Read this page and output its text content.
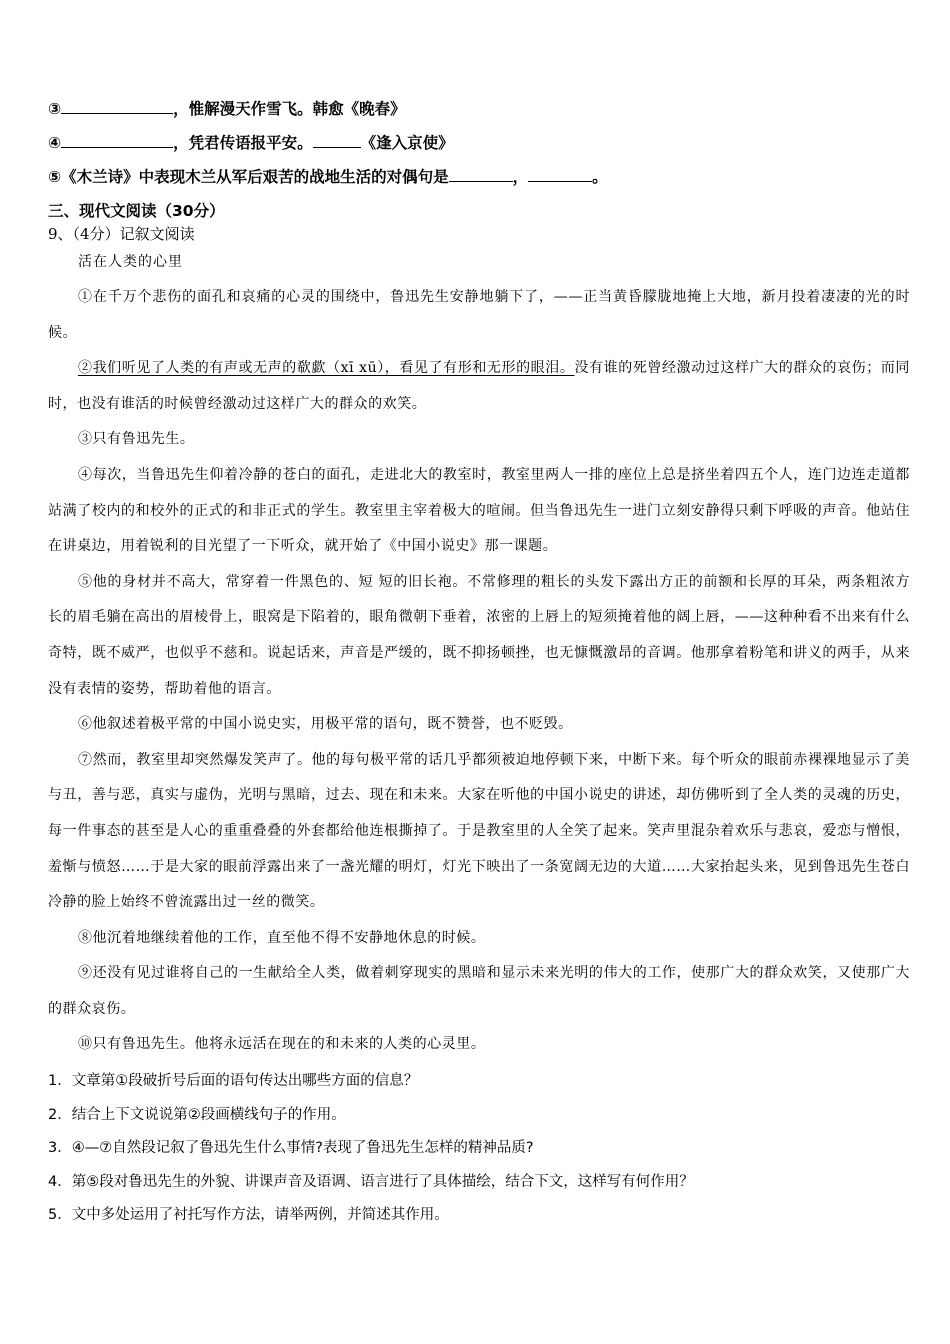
③	，惟解漫天作雪飞。韩愈《晚春》

④	，凭君传语报平安。	《逢入京使》

⑤《木兰诗》中表现木兰从军后艰苦的战地生活的对偶句是	，	。

三、现代文阅读（30分）

9、（4分）记叙文阅读

活在人类的心里

①在千万个悲伤的面孔和哀痛的心灵的围绕中，鲁迅先生安静地躺下了，——正当黄昏朦胧地掩上大地，新月投着凄凄的光的时候。

②我们听见了人类的有声或无声的欷歔（xī xū），看见了有形和无形的眼泪。没有谁的死曾经激动过这样广大的群众的哀伤；而同时，也没有谁活的时候曾经激动过这样广大的群众的欢笑。

③只有鲁迅先生。

④每次，当鲁迅先生仰着冷静的苍白的面孔，走进北大的教室时，教室里两人一排的座位上总是挤坐着四五个人，连门边连走道都站满了校内的和校外的正式的和非正式的学生。教室里主宰着极大的喧闹。但当鲁迅先生一进门立刻安静得只剩下呼吸的声音。他站住在讲桌边，用着锐利的目光望了一下听众，就开始了《中国小说史》那一课题。

⑤他的身材并不高大，常穿着一件黑色的、短 短的旧长袍。不常修理的粗长的头发下露出方正的前额和长厚的耳朵，两条粗浓方长的眉毛躺在高出的眉棱骨上，眼窝是下陷着的，眼角微朝下垂着，浓密的上唇上的短须掩着他的阔上唇，——这种种看不出来有什么奇特，既不威严，也似乎不慈和。说起话来，声音是严缓的，既不抑扬顿挫，也无慷慨激昂的音调。他那拿着粉笔和讲义的两手，从来没有表情的姿势，帮助着他的语言。

⑥他叙述着极平常的中国小说史实，用极平常的语句，既不赞誉，也不贬毁。

⑦然而，教室里却突然爆发笑声了。他的每句极平常的话几乎都须被迫地停顿下来，中断下来。每个听众的眼前赤裸裸地显示了美与丑，善与恶，真实与虚伪，光明与黑暗，过去、现在和未来。大家在听他的中国小说史的讲述，却仿佛听到了全人类的灵魂的历史，每一件事态的甚至是人心的重重叠叠的外套都给他连根撕掉了。于是教室里的人全笑了起来。笑声里混杂着欢乐与悲哀，爱恋与憎恨，羞惭与愤怒……于是大家的眼前浮露出来了一盏光耀的明灯，灯光下映出了一条宽阔无边的大道……大家抬起头来，见到鲁迅先生苍白冷静的脸上始终不曾流露出过一丝的微笑。

⑧他沉着地继续着他的工作，直至他不得不安静地休息的时候。

⑨还没有见过谁将自己的一生献给全人类，做着刺穿现实的黑暗和显示未来光明的伟大的工作，使那广大的群众欢笑，又使那广大的群众哀伤。

⑩只有鲁迅先生。他将永远活在现在的和未来的人类的心灵里。

1．文章第①段破折号后面的语句传达出哪些方面的信息？

2．结合上下文说说第②段画横线句子的作用。

3．④—⑦自然段记叙了鲁迅先生什么事情?表现了鲁迅先生怎样的精神品质?

4．第⑤段对鲁迅先生的外貌、讲课声音及语调、语言进行了具体描绘，结合下文，这样写有何作用？

5．文中多处运用了衬托写作方法，请举两例，并简述其作用。
